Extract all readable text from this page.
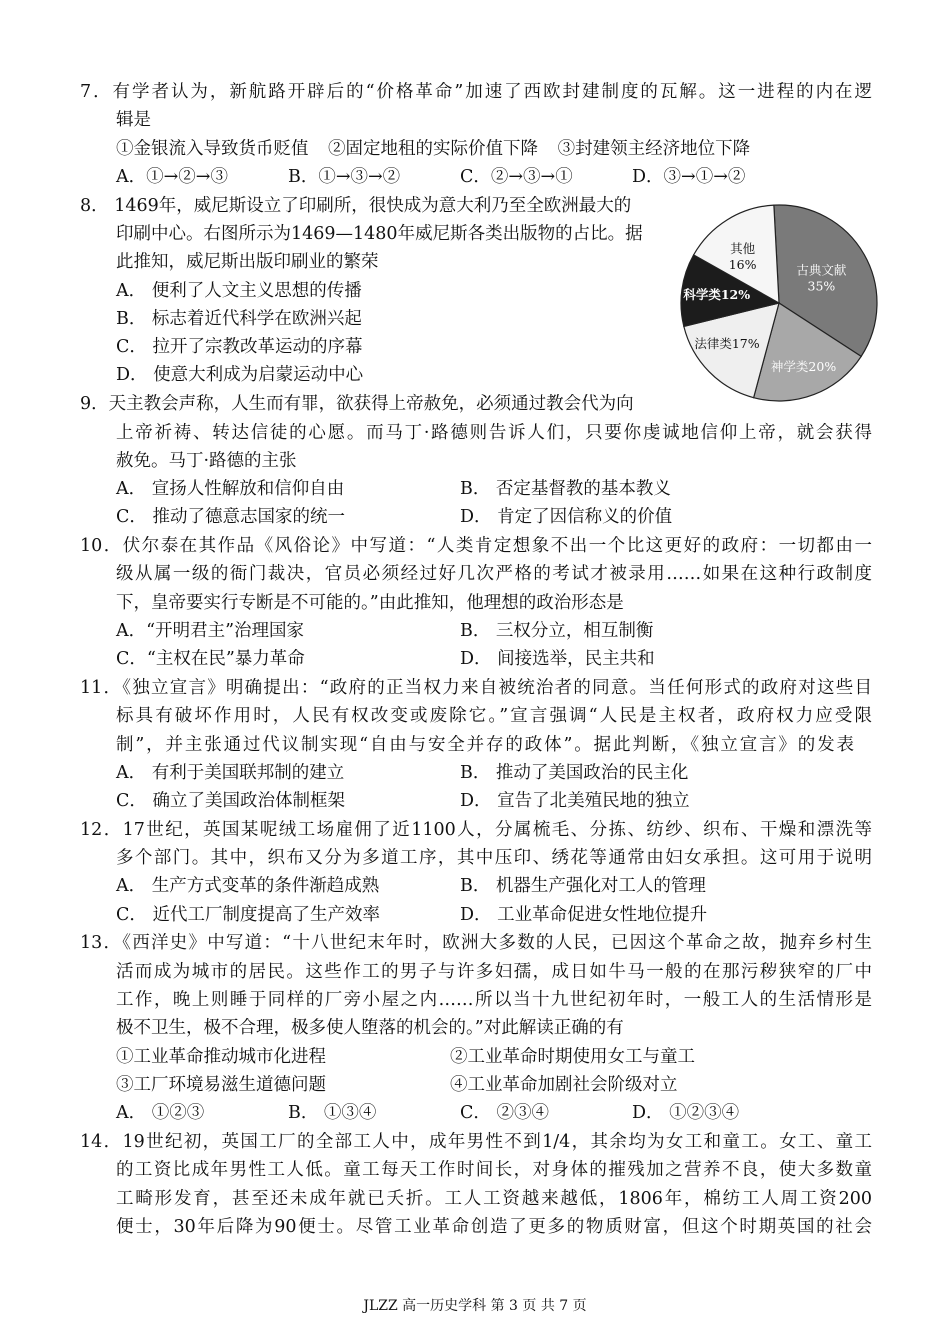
7．有学者认为，新航路开辟后的“价格革命”加速了西欧封建制度的瓦解。这一进程的内在逻
辑是
①金银流入导致货币贬值 ②固定地租的实际价值下降 ③封建领主经济地位下降
A．①→②→③	B．①→③→②	C．②→③→①	D．③→①→②
8． 1469年，威尼斯设立了印刷所，很快成为意大利乃至全欧洲最大的
印刷中心。右图所示为1469—1480年威尼斯各类出版物的占比。据
此推知，威尼斯出版印刷业的繁荣
A． 便利了人文主义思想的传播
B． 标志着近代科学在欧洲兴起
C． 拉开了宗教改革运动的序幕
D． 使意大利成为启蒙运动中心
古典文献
35%
神学类20%
法律类17%
科学类12%
其他
16%
9．天主教会声称，人生而有罪，欲获得上帝赦免，必须通过教会代为向
上帝祈祷、转达信徒的心愿。而马丁·路德则告诉人们，只要你虔诚地信仰上帝，就会获得
赦免。马丁·路德的主张
A． 宣扬人性解放和信仰自由	B． 否定基督教的基本教义
C． 推动了德意志国家的统一	D． 肯定了因信称义的价值
10．伏尔泰在其作品《风俗论》中写道：“人类肯定想象不出一个比这更好的政府：一切都由一
级从属一级的衙门裁决，官员必须经过好几次严格的考试才被录用……如果在这种行政制度
下，皇帝要实行专断是不可能的。”由此推知，他理想的政治形态是
A．“开明君主”治理国家	B． 三权分立，相互制衡
C．“主权在民”暴力革命	D． 间接选举，民主共和
11．《独立宣言》明确提出：“政府的正当权力来自被统治者的同意。当任何形式的政府对这些目
标具有破坏作用时，人民有权改变或废除它。”宣言强调“人民是主权者，政府权力应受限
制”，并主张通过代议制实现“自由与安全并存的政体”。据此判断，《独立宣言》的发表
A． 有利于美国联邦制的建立	B． 推动了美国政治的民主化
C． 确立了美国政治体制框架	D． 宣告了北美殖民地的独立
12．17世纪，英国某呢绒工场雇佣了近1100人，分属梳毛、分拣、纺纱、织布、干燥和漂洗等
多个部门。其中，织布又分为多道工序，其中压印、绣花等通常由妇女承担。这可用于说明
A． 生产方式变革的条件渐趋成熟	B． 机器生产强化对工人的管理
C． 近代工厂制度提高了生产效率	D． 工业革命促进女性地位提升
13．《西洋史》中写道：“十八世纪末年时，欧洲大多数的人民，已因这个革命之故，抛弃乡村生
活而成为城市的居民。这些作工的男子与许多妇孺，成日如牛马一般的在那污秽狭窄的厂中
工作，晚上则睡于同样的厂旁小屋之内……所以当十九世纪初年时，一般工人的生活情形是
极不卫生，极不合理，极多使人堕落的机会的。”对此解读正确的有
①工业革命推动城市化进程	②工业革命时期使用女工与童工
③工厂环境易滋生道德问题	④工业革命加剧社会阶级对立
A． ①②③	B． ①③④	C． ②③④	D． ①②③④
14．19世纪初，英国工厂的全部工人中，成年男性不到1/4，其余均为女工和童工。女工、童工
的工资比成年男性工人低。童工每天工作时间长，对身体的摧残加之营养不良，使大多数童
工畸形发育，甚至还未成年就已夭折。工人工资越来越低，1806年，棉纺工人周工资200
便士，30年后降为90便士。尽管工业革命创造了更多的物质财富，但这个时期英国的社会
JLZZ 高一历史学科 第 3 页 共 7 页
